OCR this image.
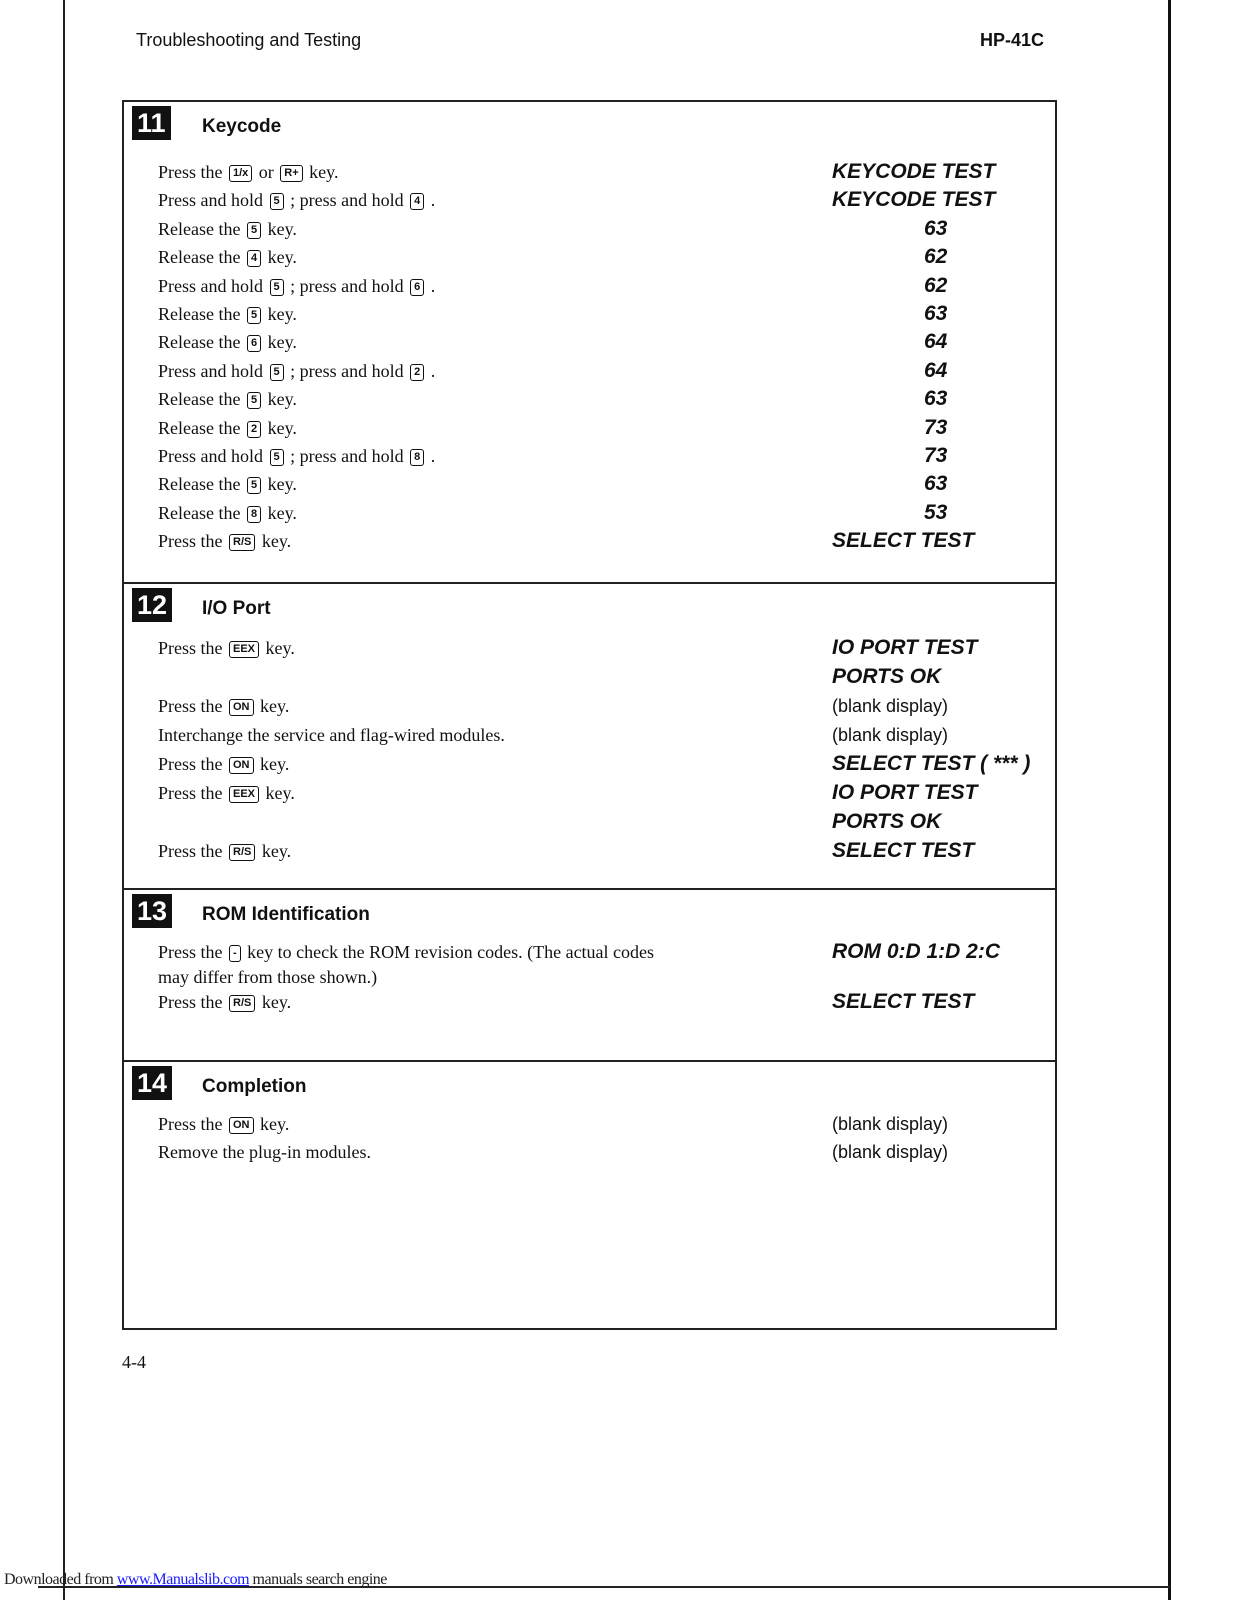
Troubleshooting and Testing	HP-41C
11 Keycode
Press the 1/x or R+ key.	KEYCODE TEST
Press and hold 5 ; press and hold 4 .	KEYCODE TEST
Release the 5 key.	63
Release the 4 key.	62
Press and hold 5 ; press and hold 6 .	62
Release the 5 key.	63
Release the 6 key.	64
Press and hold 5 ; press and hold 2 .	64
Release the 5 key.	63
Release the 2 key.	73
Press and hold 5 ; press and hold 8 .	73
Release the 5 key.	63
Release the 8 key.	53
Press the R/S key.	SELECT TEST
12 I/O Port
Press the EEX key.	IO PORT TEST
PORTS OK
Press the ON key.	(blank display)
Interchange the service and flag-wired modules.	(blank display)
Press the ON key.	SELECT TEST ( *** )
Press the EEX key.	IO PORT TEST
PORTS OK
Press the R/S key.	SELECT TEST
13 ROM Identification
Press the - key to check the ROM revision codes. (The actual codes	ROM 0:D 1:D 2:C
may differ from those shown.)
Press the R/S key.	SELECT TEST
14 Completion
Press the ON key.	(blank display)
Remove the plug-in modules.	(blank display)
4-4
Downloaded from www.Manualslib.com manuals search engine
